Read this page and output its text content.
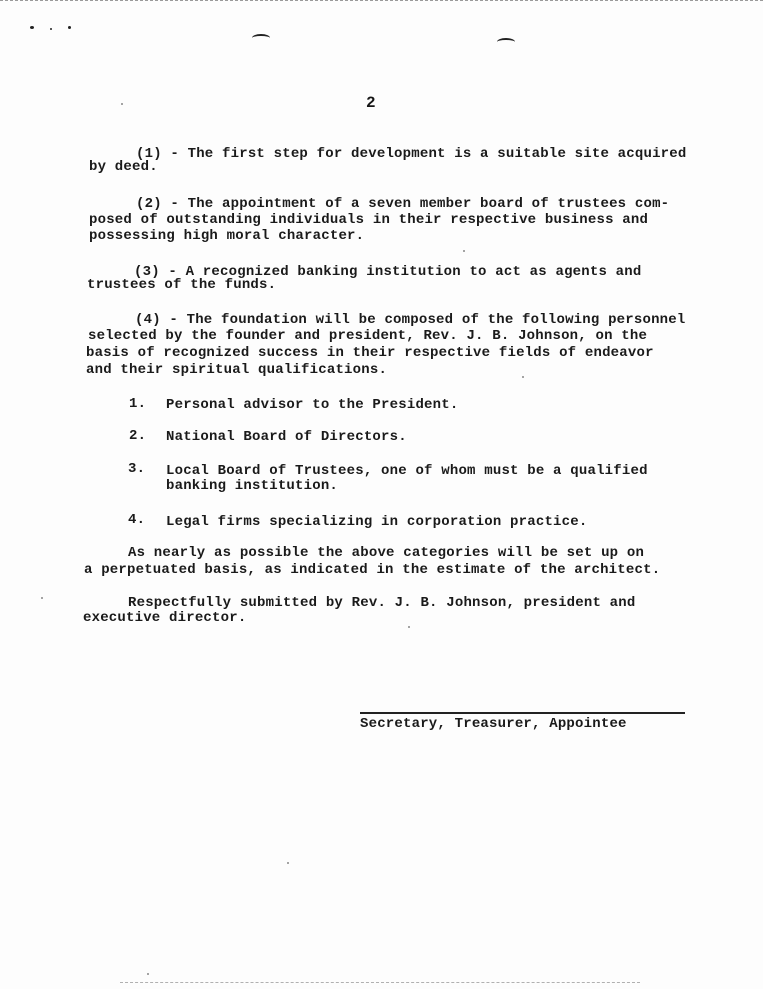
2
(1) - The first step for development is a suitable site acquired
by deed.
(2) - The appointment of a seven member board of trustees com-
posed of outstanding individuals in their respective business and
possessing high moral character.
(3) - A recognized banking institution to act as agents and
trustees of the funds.
(4) - The foundation will be composed of the following personnel
selected by the founder and president, Rev. J. B. Johnson, on the
basis of recognized success in their respective fields of endeavor
and their spiritual qualifications.
1. Personal advisor to the President.
2. National Board of Directors.
3. Local Board of Trustees, one of whom must be a qualified
banking institution.
4. Legal firms specializing in corporation practice.
As nearly as possible the above categories will be set up on
a perpetuated basis, as indicated in the estimate of the architect.
Respectfully submitted by Rev. J. B. Johnson, president and
executive director.
Secretary, Treasurer, Appointee
